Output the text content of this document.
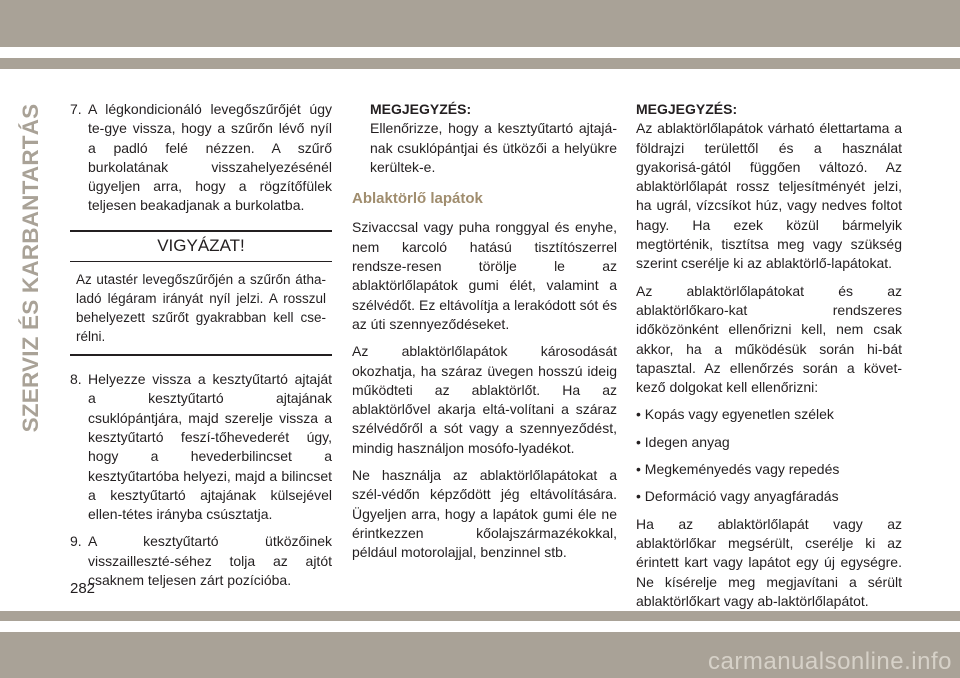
SZERVIZ ÉS KARBANTARTÁS 7. A légkondicionáló levegőszűrőjét úgy te-gye vissza, hogy a szűrőn lévő nyíl a padló felé nézzen. A szűrő burkolatának visszahelyezésénél ügyeljen arra, hogy a rögzítőfülek teljesen beakadjanak a burkolatba.
VIGYÁZAT!
Az utastér levegőszűrőjén a szűrőn átha-ladó légáram irányát nyíl jelzi. A rosszul behelyezett szűrőt gyakrabban kell cse-rélni.
8. Helyezze vissza a kesztyűtartó ajtaját a kesztyűtartó ajtajának csuklópántjára, majd szerelje vissza a kesztyűtartó feszí-tőhevederét úgy, hogy a hevederbilincset a kesztyűtartóba helyezi, majd a bilincset a kesztyűtartó ajtajának külsejével ellen-tétes irányba csúsztatja.
9. A kesztyűtartó ütközőinek visszailleszté-séhez tolja az ajtót csaknem teljesen zárt pozícióba.
MEGJEGYZÉS:

Ellenőrizze, hogy a kesztyűtartó ajtajá-nak csuklópántjai és ütközői a helyükre kerültek-e.

Ablaktörlő lapátok

Szivaccsal vagy puha ronggyal és enyhe, nem karcoló hatású tisztítószerrel rendsze-resen törölje le az ablaktörlőlapátok gumi élét, valamint a szélvédőt. Ez eltávolítja a lerakódott sót és az úti szennyeződéseket.

Az ablaktörlőlapátok károsodását okozhatja, ha száraz üvegen hosszú ideig működteti az ablaktörlőt. Ha az ablaktörlővel akarja eltá-volítani a száraz szélvédőről a sót vagy a szennyeződést, mindig használjon mosófo-lyadékot.

Ne használja az ablaktörlőlapátokat a szél-védőn képződött jég eltávolítására. Ügyeljen arra, hogy a lapátok gumi éle ne érintkezzen kőolajszármazékokkal, például motorolajjal, benzinnel stb.

MEGJEGYZÉS:

Az ablaktörlőlapátok várható élettartama a földrajzi területtől és a használat gyakorisá-gától függően változó. Az ablaktörlőlapát rossz teljesítményét jelzi, ha ugrál, vízcsíkot húz, vagy nedves foltot hagy. Ha ezek közül bármelyik megtörténik, tisztítsa meg vagy szükség szerint cserélje ki az ablaktörlő-lapátokat.

Az ablaktörlőlapátokat és az ablaktörlőkaro-kat rendszeres időközönként ellenőrizni kell, nem csak akkor, ha a működésük során hi-bát tapasztal. Az ellenőrzés során a követ-kező dolgokat kell ellenőrizni:

• Kopás vagy egyenetlen szélek

• Idegen anyag

• Megkeményedés vagy repedés

• Deformáció vagy anyagfáradás

Ha az ablaktörlőlapát vagy az ablaktörlőkar megsérült, cserélje ki az érintett kart vagy lapátot egy új egységre. Ne kísérelje meg megjavítani a sérült ablaktörlőkart vagy ab-laktörlőlapátot.

282
carmanualsonline.info
